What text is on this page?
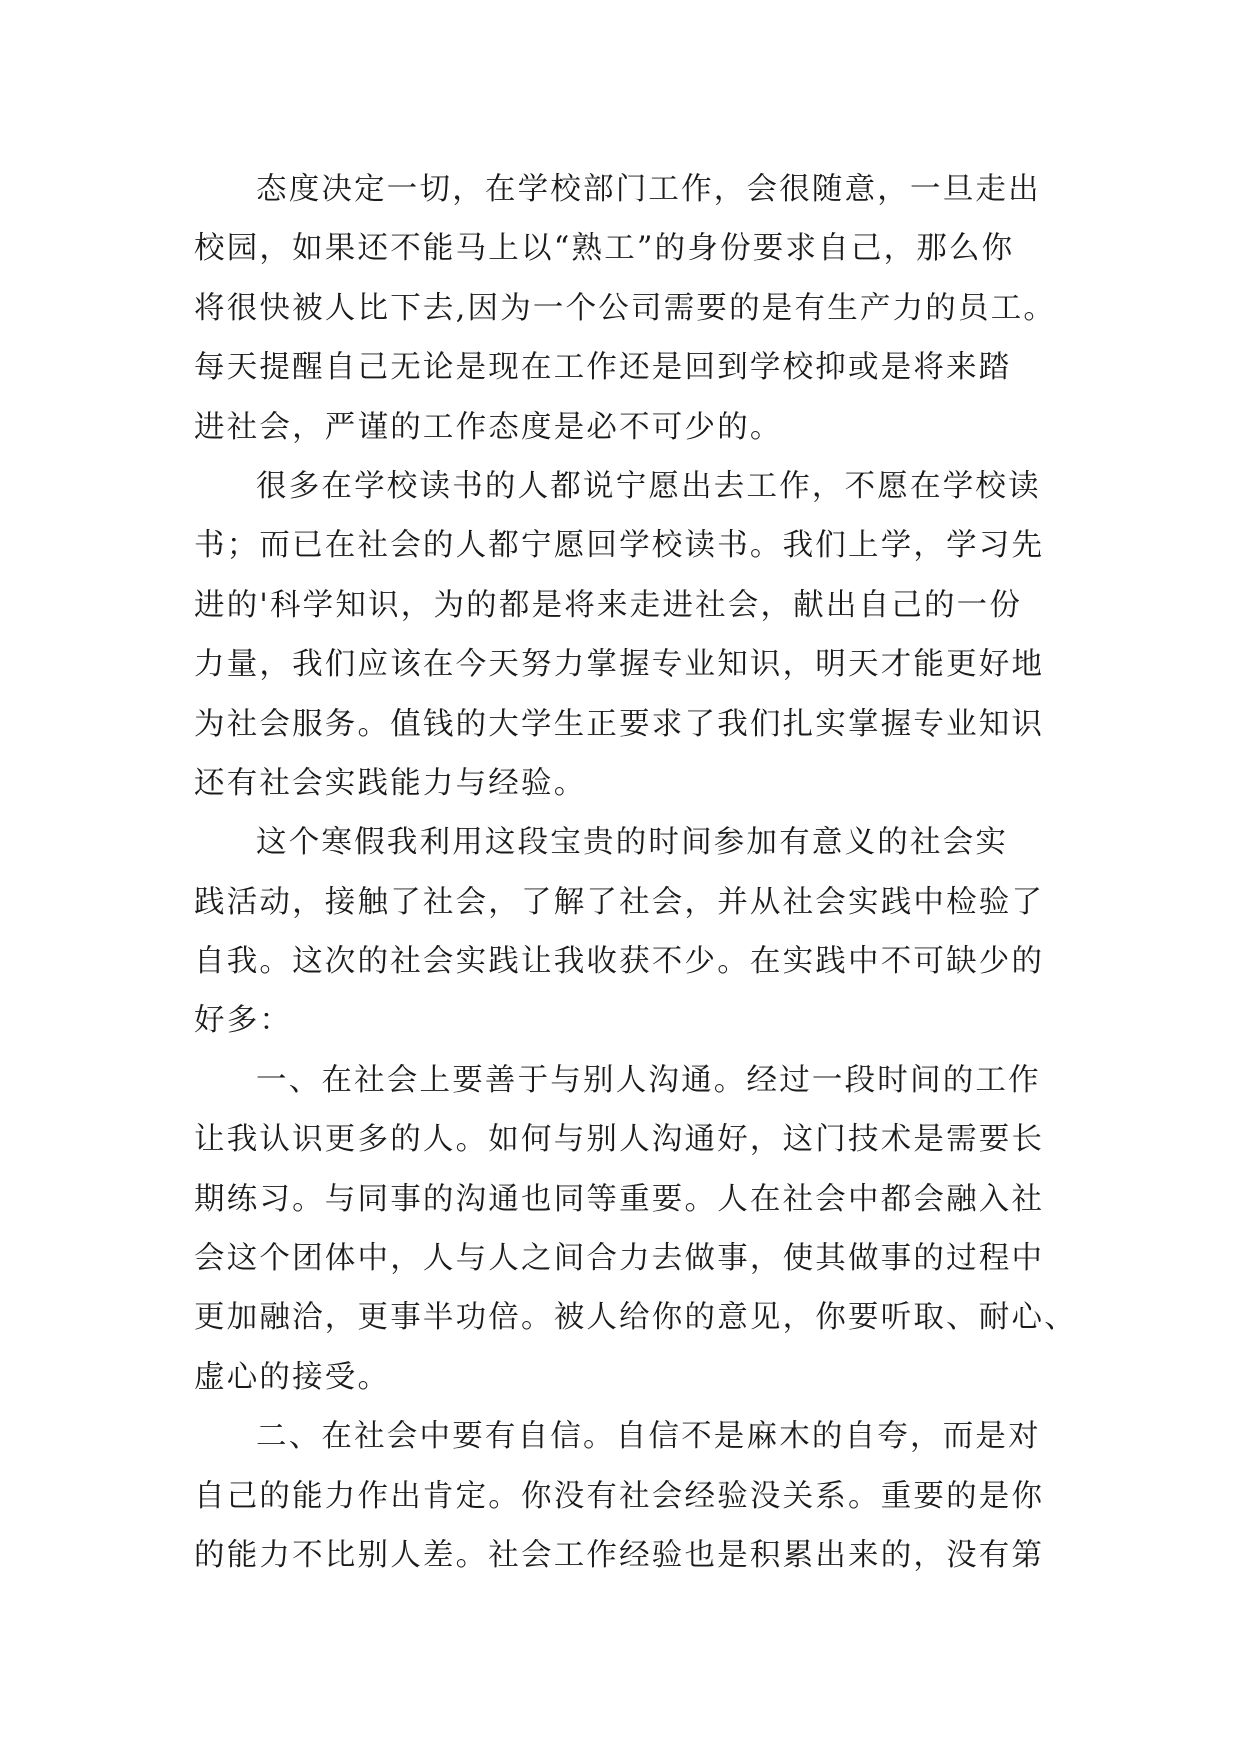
态度决定一切，在学校部门工作，会很随意，一旦走出
校园，如果还不能马上以“熟工”的身份要求自己，那么你
将很快被人比下去,因为一个公司需要的是有生产力的员工。
每天提醒自己无论是现在工作还是回到学校抑或是将来踏
进社会，严谨的工作态度是必不可少的。
很多在学校读书的人都说宁愿出去工作，不愿在学校读
书；而已在社会的人都宁愿回学校读书。我们上学，学习先
进的'科学知识，为的都是将来走进社会，献出自己的一份
力量，我们应该在今天努力掌握专业知识，明天才能更好地
为社会服务。值钱的大学生正要求了我们扎实掌握专业知识
还有社会实践能力与经验。
这个寒假我利用这段宝贵的时间参加有意义的社会实
践活动，接触了社会，了解了社会，并从社会实践中检验了
自我。这次的社会实践让我收获不少。在实践中不可缺少的
好多：
一、在社会上要善于与别人沟通。经过一段时间的工作
让我认识更多的人。如何与别人沟通好，这门技术是需要长
期练习。与同事的沟通也同等重要。人在社会中都会融入社
会这个团体中，人与人之间合力去做事，使其做事的过程中
更加融洽，更事半功倍。被人给你的意见，你要听取、耐心、
虚心的接受。
二、在社会中要有自信。自信不是麻木的自夸，而是对
自己的能力作出肯定。你没有社会经验没关系。重要的是你
的能力不比别人差。社会工作经验也是积累出来的，没有第
